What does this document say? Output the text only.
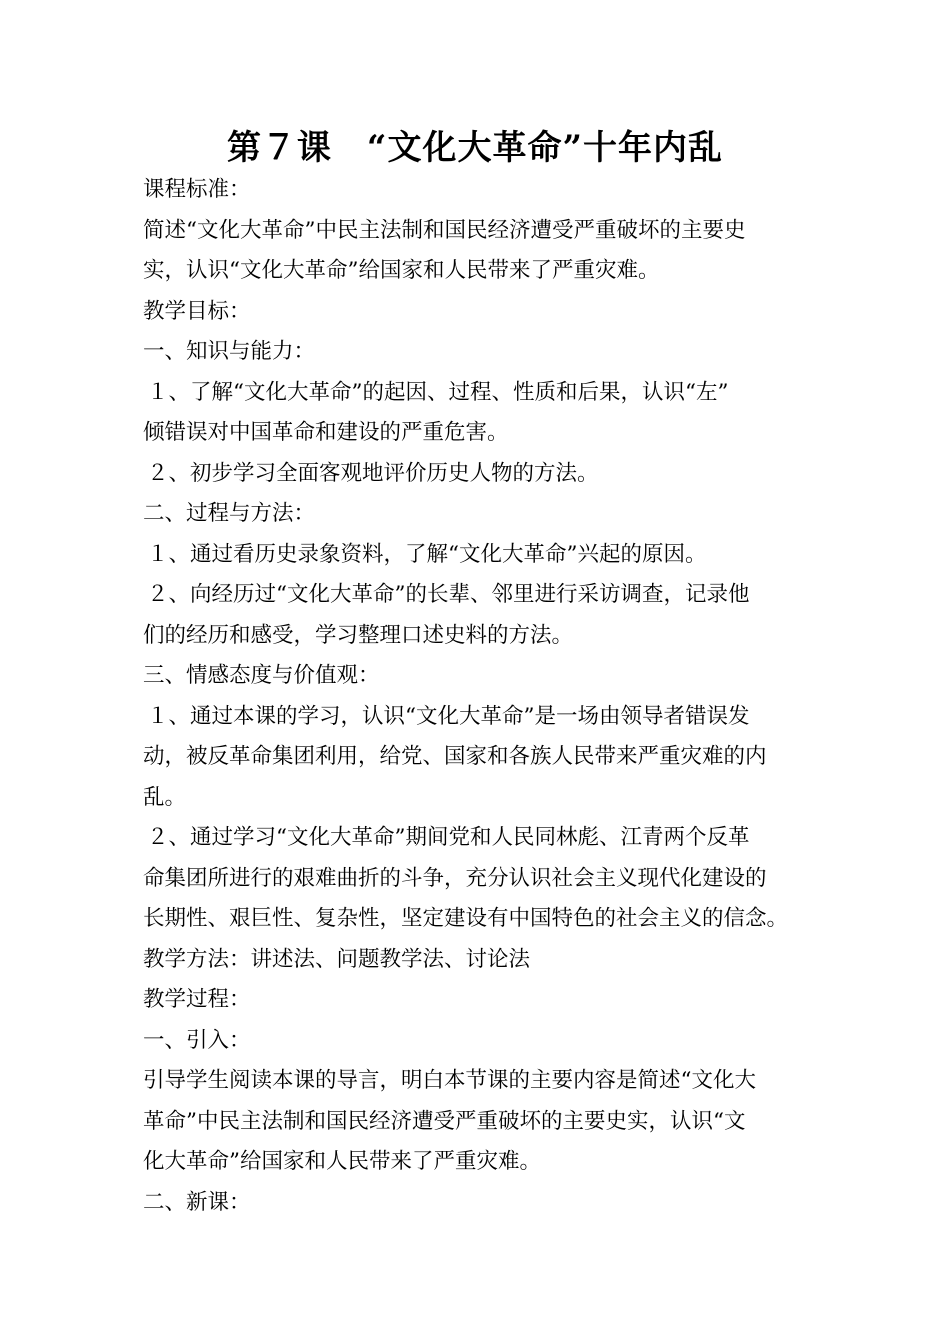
第７课　“文化大革命”十年内乱
课程标准：
简述“文化大革命”中民主法制和国民经济遭受严重破坏的主要史
实，认识“文化大革命”给国家和人民带来了严重灾难。
教学目标：
一、知识与能力：
１、了解“文化大革命”的起因、过程、性质和后果，认识“左”
倾错误对中国革命和建设的严重危害。
２、初步学习全面客观地评价历史人物的方法。
二、过程与方法：
１、通过看历史录象资料，了解“文化大革命”兴起的原因。
２、向经历过“文化大革命”的长辈、邻里进行采访调查，记录他
们的经历和感受，学习整理口述史料的方法。
三、情感态度与价值观：
１、通过本课的学习，认识“文化大革命”是一场由领导者错误发
动，被反革命集团利用，给党、国家和各族人民带来严重灾难的内
乱。
２、通过学习“文化大革命”期间党和人民同林彪、江青两个反革
命集团所进行的艰难曲折的斗争，充分认识社会主义现代化建设的
长期性、艰巨性、复杂性，坚定建设有中国特色的社会主义的信念。
教学方法：讲述法、问题教学法、讨论法
教学过程：
一、引入：
引导学生阅读本课的导言，明白本节课的主要内容是简述“文化大
革命”中民主法制和国民经济遭受严重破坏的主要史实，认识“文
化大革命”给国家和人民带来了严重灾难。
二、新课：
